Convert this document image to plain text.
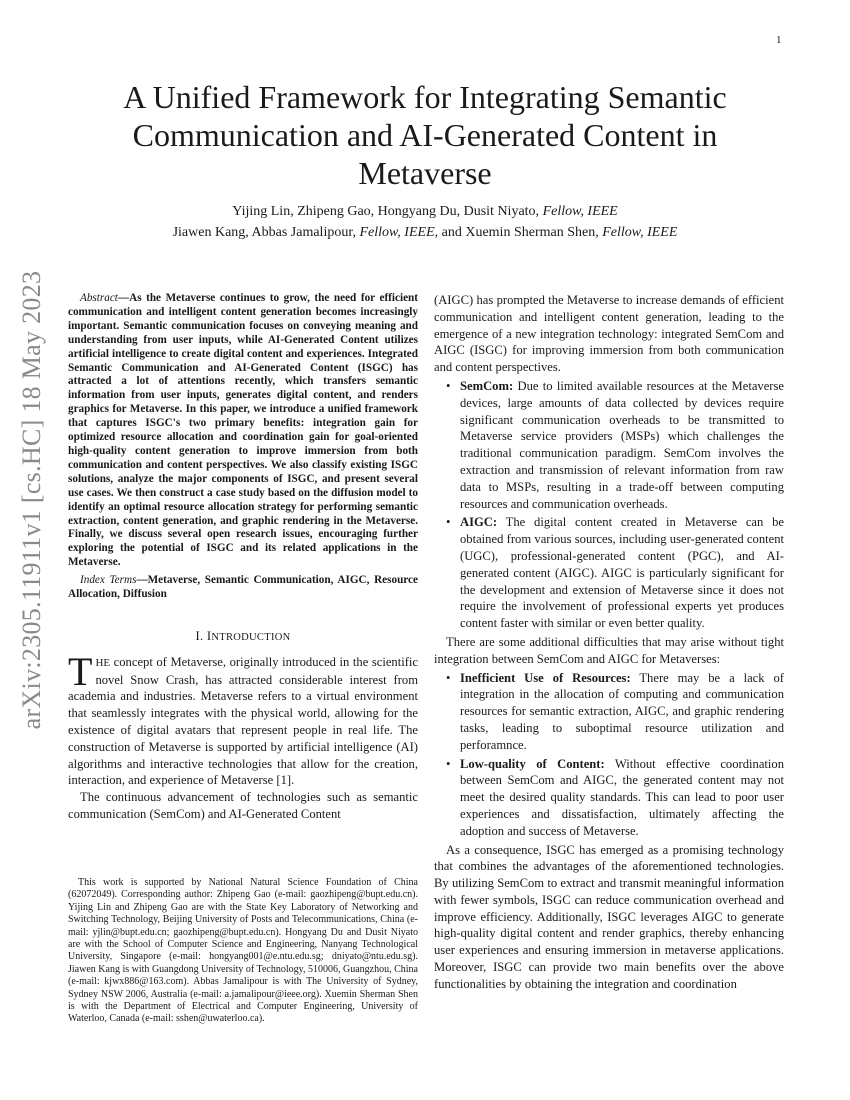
1
arXiv:2305.11911v1 [cs.HC] 18 May 2023
A Unified Framework for Integrating Semantic Communication and AI-Generated Content in Metaverse
Yijing Lin, Zhipeng Gao, Hongyang Du, Dusit Niyato, Fellow, IEEE
Jiawen Kang, Abbas Jamalipour, Fellow, IEEE, and Xuemin Sherman Shen, Fellow, IEEE

Abstract—As the Metaverse continues to grow, the need for efficient communication and intelligent content generation becomes increasingly important. Semantic communication focuses on conveying meaning and understanding from user inputs, while AI-Generated Content utilizes artificial intelligence to create digital content and experiences. Integrated Semantic Communication and AI-Generated Content (ISGC) has attracted a lot of attentions recently, which transfers semantic information from user inputs, generates digital content, and renders graphics for Metaverse. In this paper, we introduce a unified framework that captures ISGC's two primary benefits: integration gain for optimized resource allocation and coordination gain for goal-oriented high-quality content generation to improve immersion from both communication and content perspectives. We also classify existing ISGC solutions, analyze the major components of ISGC, and present several use cases. We then construct a case study based on the diffusion model to identify an optimal resource allocation strategy for performing semantic extraction, content generation, and graphic rendering in the Metaverse. Finally, we discuss several open research issues, encouraging further exploring the potential of ISGC and its related applications in the Metaverse.

Index Terms—Metaverse, Semantic Communication, AIGC, Resource Allocation, Diffusion

I. INTRODUCTION

THE concept of Metaverse, originally introduced in the scientific novel Snow Crash, has attracted considerable interest from academia and industries. Metaverse refers to a virtual environment that seamlessly integrates with the physical world, allowing for the existence of digital avatars that represent people in real life. The construction of Metaverse is supported by artificial intelligence (AI) algorithms and interactive technologies that allow for the creation, interaction, and experience of Metaverse [1].

The continuous advancement of technologies such as semantic communication (SemCom) and AI-Generated Content

This work is supported by National Natural Science Foundation of China (62072049). Corresponding author: Zhipeng Gao (e-mail: gaozhipeng@bupt.edu.cn). Yijing Lin and Zhipeng Gao are with the State Key Laboratory of Networking and Switching Technology, Beijing University of Posts and Telecommunications, China (e-mail: yjlin@bupt.edu.cn; gaozhipeng@bupt.edu.cn). Hongyang Du and Dusit Niyato are with the School of Computer Science and Engineering, Nanyang Technological University, Singapore (e-mail: hongyang001@e.ntu.edu.sg; dniyato@ntu.edu.sg). Jiawen Kang is with Guangdong University of Technology, 510006, Guangzhou, China (e-mail: kjwx886@163.com). Abbas Jamalipour is with The University of Sydney, Sydney NSW 2006, Australia (e-mail: a.jamalipour@ieee.org). Xuemin Sherman Shen is with the Department of Electrical and Computer Engineering, University of Waterloo, Canada (e-mail: sshen@uwaterloo.ca).

(AIGC) has prompted the Metaverse to increase demands of efficient communication and intelligent content generation, leading to the emergence of a new integration technology: integrated SemCom and AIGC (ISGC) for improving immersion from both communication and content perspectives.

• SemCom: Due to limited available resources at the Metaverse devices, large amounts of data collected by devices require significant communication overheads to be transmitted to Metaverse service providers (MSPs) which challenges the traditional communication paradigm. SemCom involves the extraction and transmission of relevant information from raw data to MSPs, resulting in a trade-off between computing resources and communication overheads.
• AIGC: The digital content created in Metaverse can be obtained from various sources, including user-generated content (UGC), professional-generated content (PGC), and AI-generated content (AIGC). AIGC is particularly significant for the development and extension of Metaverse since it does not require the involvement of professional experts yet produces content faster with similar or even better quality.

There are some additional difficulties that may arise without tight integration between SemCom and AIGC for Metaverses:

• Inefficient Use of Resources: There may be a lack of integration in the allocation of computing and communication resources for semantic extraction, AIGC, and graphic rendering tasks, leading to suboptimal resource utilization and perforamnce.
• Low-quality of Content: Without effective coordination between SemCom and AIGC, the generated content may not meet the desired quality standards. This can lead to poor user experiences and dissatisfaction, ultimately affecting the adoption and success of Metaverse.

As a consequence, ISGC has emerged as a promising technology that combines the advantages of the aforementioned technologies. By utilizing SemCom to extract and transmit meaningful information with fewer symbols, ISGC can reduce communication overhead and improve efficiency. Additionally, ISGC leverages AIGC to generate high-quality digital content and render graphics, thereby enhancing user experiences and ensuring immersion in metaverse applications. Moreover, ISGC can provide two main benefits over the above functionalities by obtaining the integration and coordination
